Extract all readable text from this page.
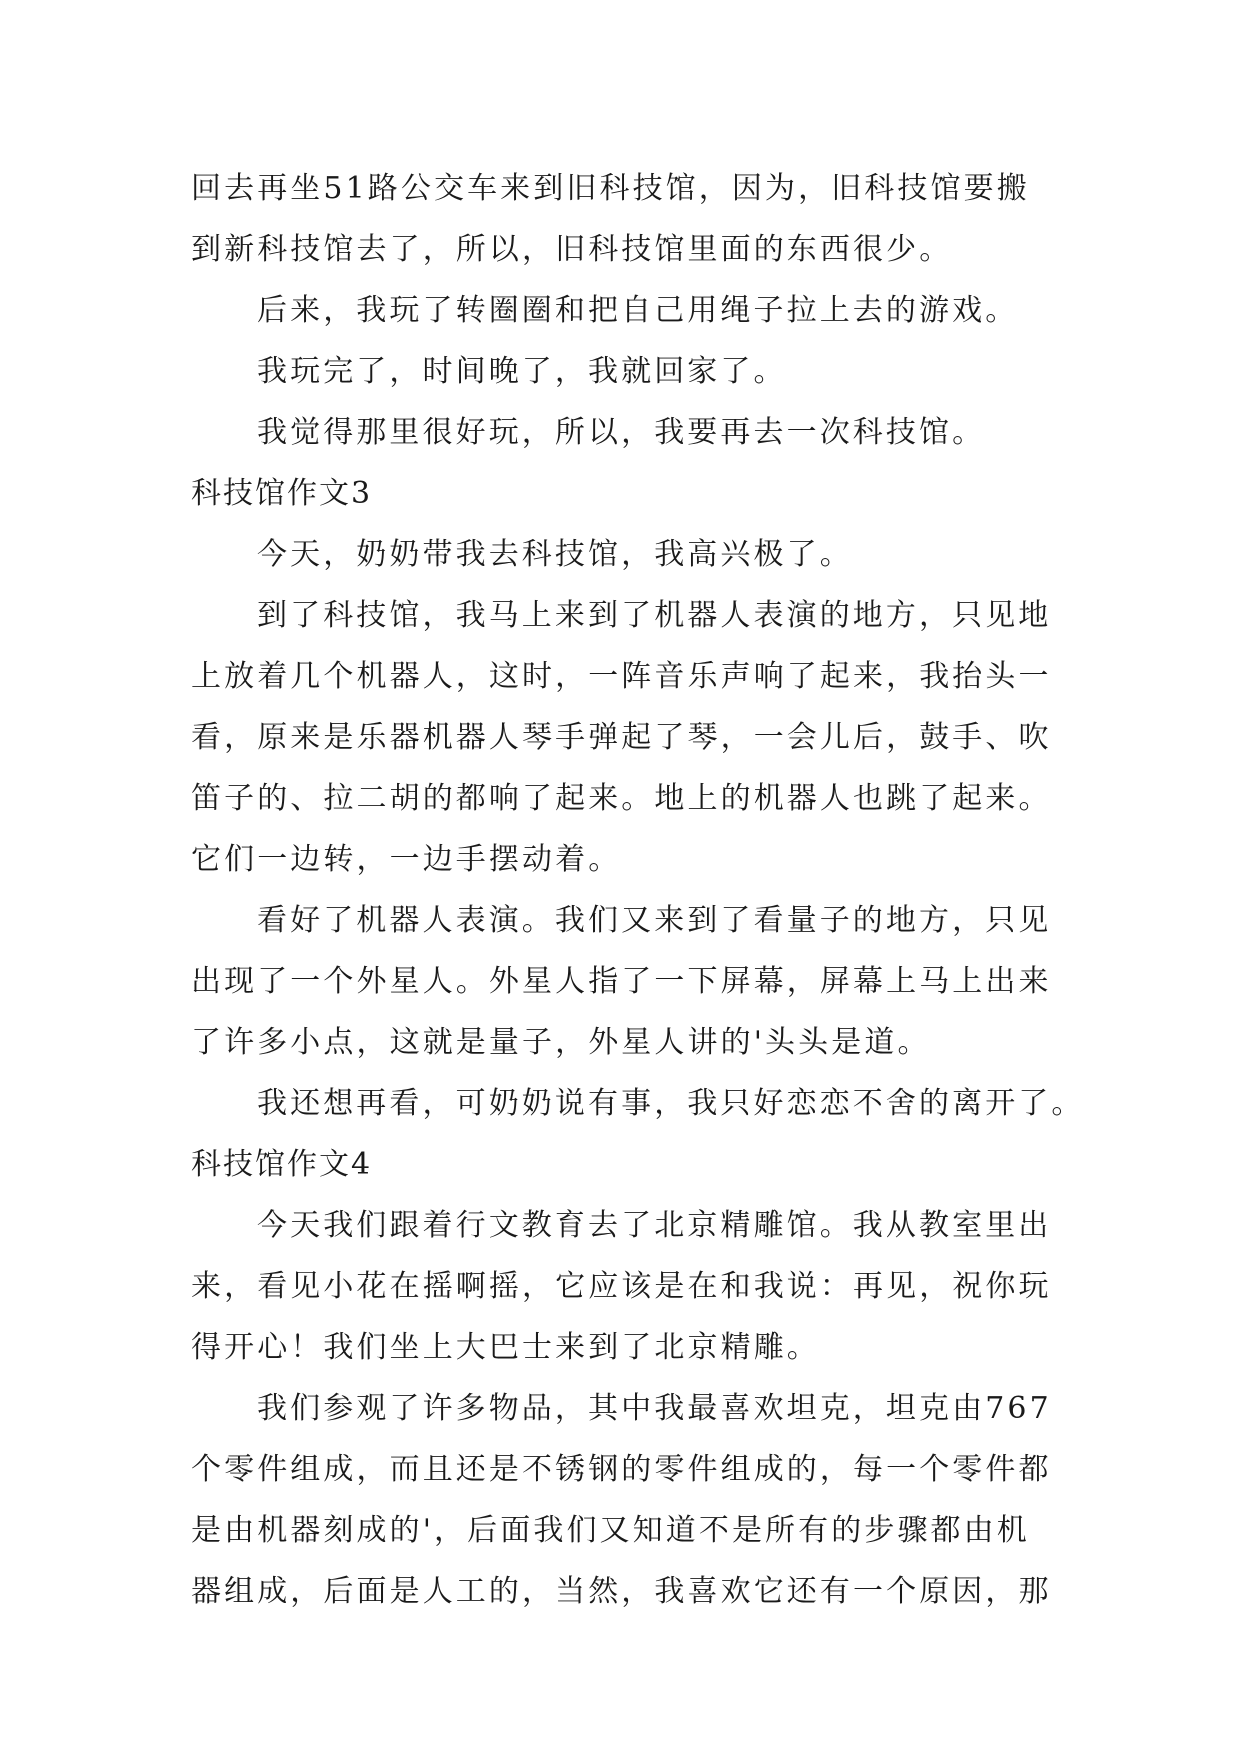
回去再坐51路公交车来到旧科技馆，因为，旧科技馆要搬

到新科技馆去了，所以，旧科技馆里面的东西很少。

后来，我玩了转圈圈和把自己用绳子拉上去的游戏。

我玩完了，时间晚了，我就回家了。

我觉得那里很好玩，所以，我要再去一次科技馆。

科技馆作文3

今天，奶奶带我去科技馆，我高兴极了。

到了科技馆，我马上来到了机器人表演的地方，只见地

上放着几个机器人，这时，一阵音乐声响了起来，我抬头一

看，原来是乐器机器人琴手弹起了琴，一会儿后，鼓手、吹

笛子的、拉二胡的都响了起来。地上的机器人也跳了起来。

它们一边转，一边手摆动着。

看好了机器人表演。我们又来到了看量子的地方，只见

出现了一个外星人。外星人指了一下屏幕，屏幕上马上出来

了许多小点，这就是量子，外星人讲的'头头是道。

我还想再看，可奶奶说有事，我只好恋恋不舍的离开了。

科技馆作文4

今天我们跟着行文教育去了北京精雕馆。我从教室里出

来，看见小花在摇啊摇，它应该是在和我说：再见，祝你玩

得开心！我们坐上大巴士来到了北京精雕。

我们参观了许多物品，其中我最喜欢坦克，坦克由767

个零件组成，而且还是不锈钢的零件组成的，每一个零件都

是由机器刻成的'，后面我们又知道不是所有的步骤都由机

器组成，后面是人工的，当然，我喜欢它还有一个原因，那
